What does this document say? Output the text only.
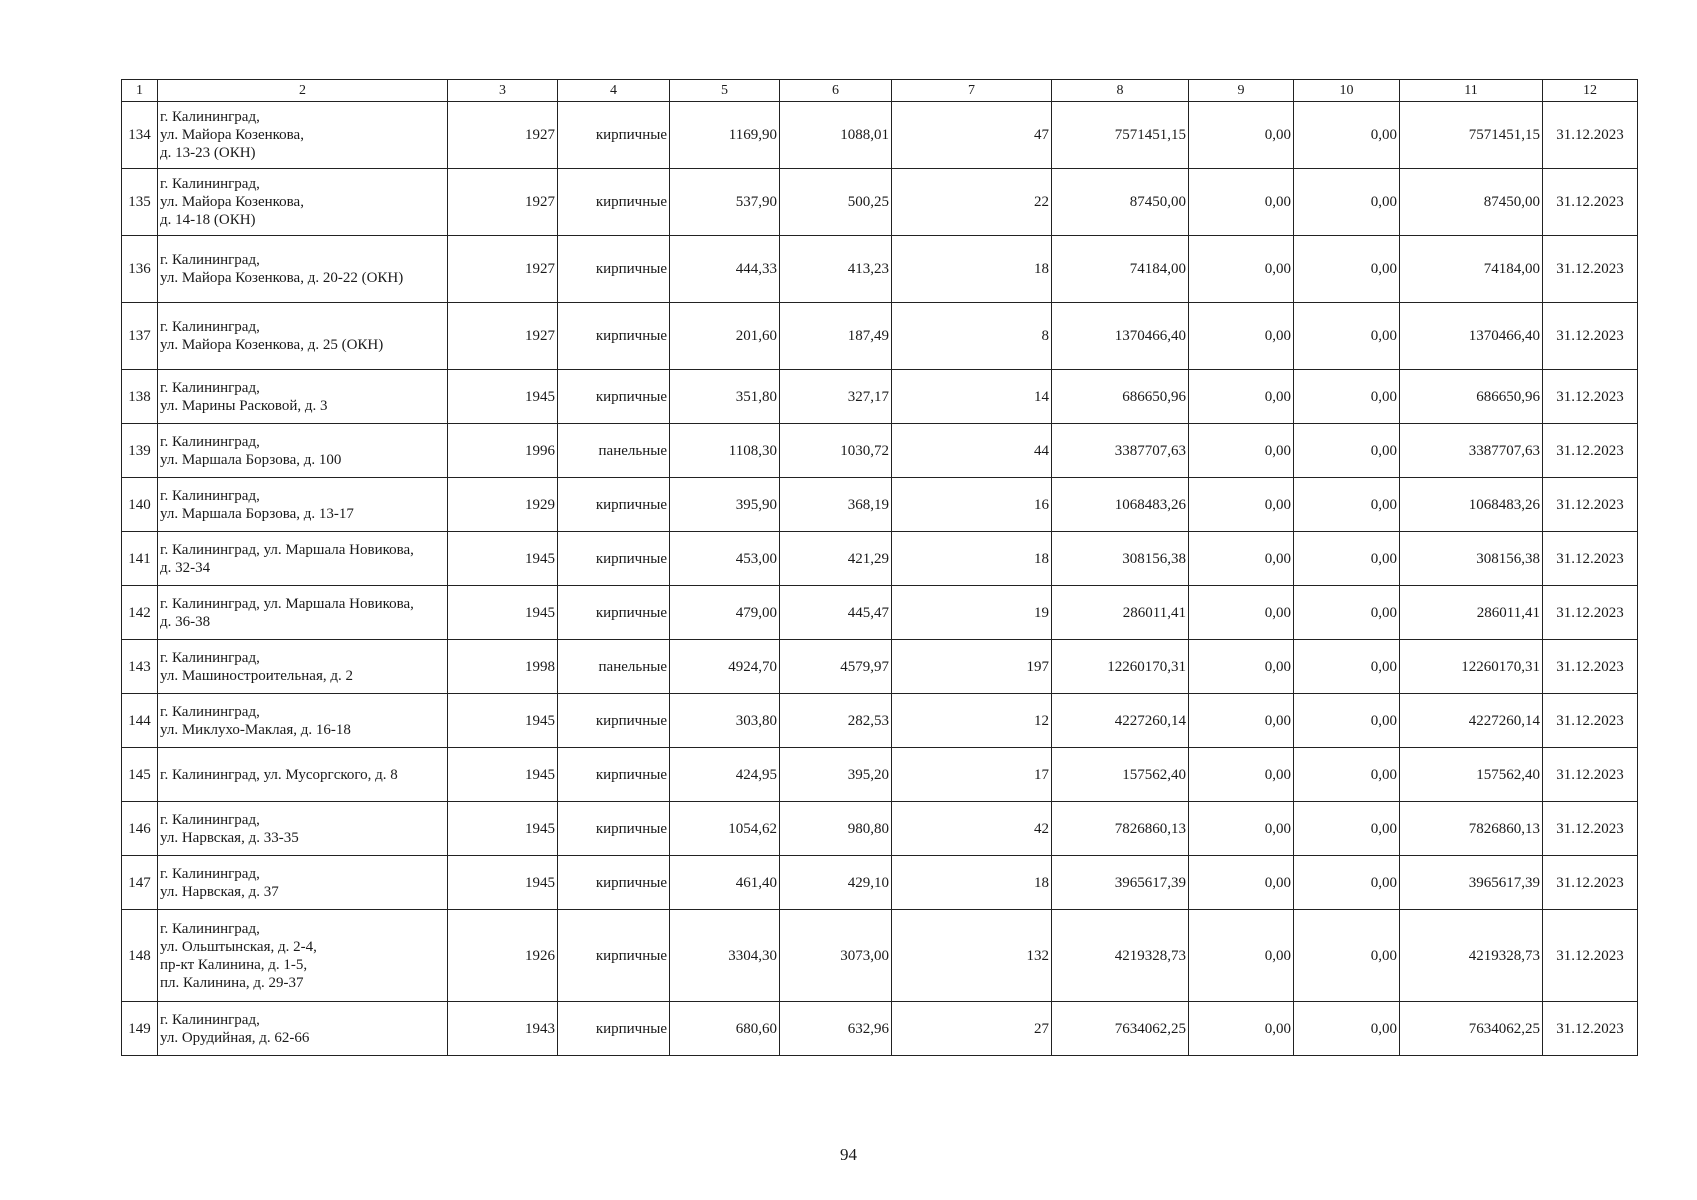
1	2	3	4	5	6	7	8	9	10	11	12
134	г. Калининград,
ул. Майора Козенкова,
д. 13-23 (ОКН)	1927	кирпичные	1169,90	1088,01	47	7571451,15	0,00	0,00	7571451,15	31.12.2023
135	г. Калининград,
ул. Майора Козенкова,
д. 14-18 (ОКН)	1927	кирпичные	537,90	500,25	22	87450,00	0,00	0,00	87450,00	31.12.2023
136	г. Калининград,
ул. Майора Козенкова, д. 20-22 (ОКН)	1927	кирпичные	444,33	413,23	18	74184,00	0,00	0,00	74184,00	31.12.2023
137	г. Калининград,
ул. Майора Козенкова, д. 25 (ОКН)	1927	кирпичные	201,60	187,49	8	1370466,40	0,00	0,00	1370466,40	31.12.2023
138	г. Калининград,
ул. Марины Расковой, д. 3	1945	кирпичные	351,80	327,17	14	686650,96	0,00	0,00	686650,96	31.12.2023
139	г. Калининград,
ул. Маршала Борзова, д. 100	1996	панельные	1108,30	1030,72	44	3387707,63	0,00	0,00	3387707,63	31.12.2023
140	г. Калининград,
ул. Маршала Борзова, д. 13-17	1929	кирпичные	395,90	368,19	16	1068483,26	0,00	0,00	1068483,26	31.12.2023
141	г. Калининград, ул. Маршала Новикова,
д. 32-34	1945	кирпичные	453,00	421,29	18	308156,38	0,00	0,00	308156,38	31.12.2023
142	г. Калининград, ул. Маршала Новикова,
д. 36-38	1945	кирпичные	479,00	445,47	19	286011,41	0,00	0,00	286011,41	31.12.2023
143	г. Калининград,
ул. Машиностроительная, д. 2	1998	панельные	4924,70	4579,97	197	12260170,31	0,00	0,00	12260170,31	31.12.2023
144	г. Калининград,
ул. Миклухо-Маклая, д. 16-18	1945	кирпичные	303,80	282,53	12	4227260,14	0,00	0,00	4227260,14	31.12.2023
145	г. Калининград, ул. Мусоргского, д. 8	1945	кирпичные	424,95	395,20	17	157562,40	0,00	0,00	157562,40	31.12.2023
146	г. Калининград,
ул. Нарвская, д. 33-35	1945	кирпичные	1054,62	980,80	42	7826860,13	0,00	0,00	7826860,13	31.12.2023
147	г. Калининград,
ул. Нарвская, д. 37	1945	кирпичные	461,40	429,10	18	3965617,39	0,00	0,00	3965617,39	31.12.2023
148	г. Калининград,
ул. Ольштынская, д. 2-4,
пр-кт Калинина, д. 1-5,
пл. Калинина, д. 29-37	1926	кирпичные	3304,30	3073,00	132	4219328,73	0,00	0,00	4219328,73	31.12.2023
149	г. Калининград,
ул. Орудийная, д. 62-66	1943	кирпичные	680,60	632,96	27	7634062,25	0,00	0,00	7634062,25	31.12.2023
94
